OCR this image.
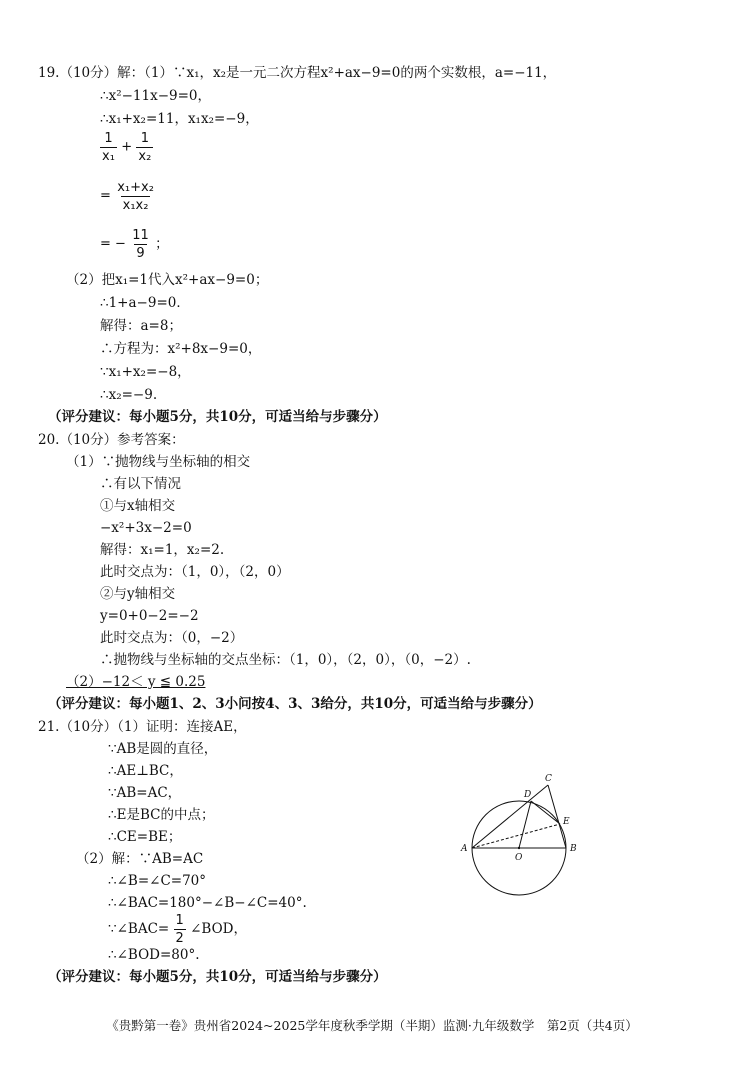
19.（10分）解：（1）∵x₁，x₂是一元二次方程x²+ax−9=0的两个实数根，a=−11，
∴x²−11x−9=0，
∴x₁+x₂=11，x₁x₂=−9，
$\frac{1}{\text{x₁}} + \frac{1}{\text{x₂}}$
= $\frac{\text{x₁+x₂}}{\text{x₁x₂}}$
= − $\frac{11}{9}$ ；
（2）把x₁=1代入x²+ax−9=0；
∴1+a−9=0．
解得：a=8；
∴方程为：x²+8x−9=0，
∵x₁+x₂=−8，
∴x₂=−9.
（评分建议：每小题5分，共10分，可适当给与步骤分）
20.（10分）参考答案：
（1）∵抛物线与坐标轴的相交
∴有以下情况
①与x轴相交
−x²+3x−2=0
解得：x₁=1，x₂=2.
此时交点为：（1，0），（2，0）
②与y轴相交
y=0+0−2=−2
此时交点为：（0，−2）
∴抛物线与坐标轴的交点坐标：（1，0），（2，0），（0，−2）.
（2）−12＜ y ≦ 0.25
（评分建议：每小题1、2、3小问按4、3、3给分，共10分，可适当给与步骤分）
21.（10分）（1）证明：连接AE，
∵AB是圆的直径，
∴AE⊥BC，
∵AB=AC，
∴E是BC的中点；
∴CE=BE；
（2）解：∵AB=AC
∴∠B=∠C=70°
∴∠BAC=180°−∠B−∠C=40°.
∵∠BAC= $\frac{1}{2}$ ∠BOD，
∴∠BOD=80°.
（评分建议：每小题5分，共10分，可适当给与步骤分）
A	B
C
D
E
O
《贵黔第一卷》贵州省2024~2025学年度秋季学期（半期）监测·九年级数学　第2页（共4页）
